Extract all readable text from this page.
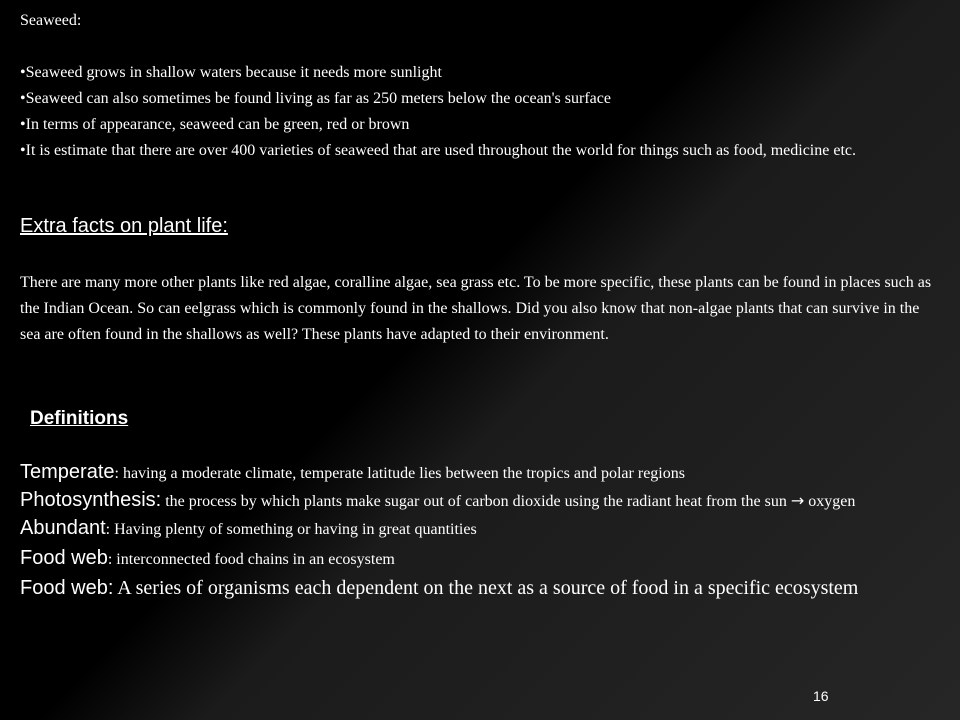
Seaweed:
• Seaweed grows in shallow waters because it needs more sunlight
• Seaweed can also sometimes be found living as far as 250 meters below the ocean's surface
• In terms of appearance, seaweed can be green, red or brown
• It is estimate that there are over 400 varieties of seaweed that are used throughout the world for things such as food, medicine etc.
Extra facts on plant life:

There are many more other plants like red algae, coralline algae, sea grass etc. To be more specific, these plants can be found in places such as the Indian Ocean. So can eelgrass which is commonly found in the shallows. Did you also know that non-algae plants that can survive in the sea are often found in the shallows as well? These plants have adapted to their environment.

Definitions
Temperate: having a moderate climate, temperate latitude lies between the tropics and polar regions
Photosynthesis: the process by which plants make sugar out of carbon dioxide using the radiant heat from the sun → oxygen
Abundant: Having plenty of something or having in great quantities
Food web: interconnected food chains in an ecosystem
Food web: A series of organisms each dependent on the next as a source of food in a specific ecosystem
16
